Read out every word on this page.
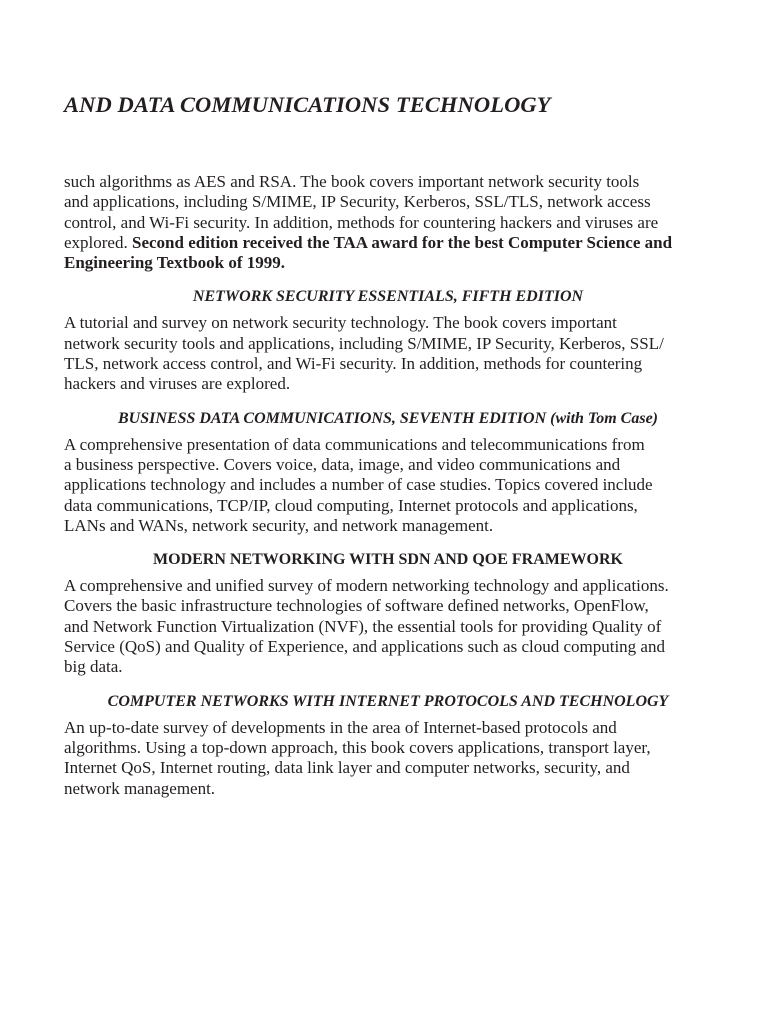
AND DATA COMMUNICATIONS TECHNOLOGY

such algorithms as AES and RSA. The book covers important network security tools
and applications, including S/MIME, IP Security, Kerberos, SSL/TLS, network access
control, and Wi-Fi security. In addition, methods for countering hackers and viruses are
explored. Second edition received the TAA award for the best Computer Science and
Engineering Textbook of 1999.

NETWORK SECURITY ESSENTIALS, FIFTH EDITION

A tutorial and survey on network security technology. The book covers important
network security tools and applications, including S/MIME, IP Security, Kerberos, SSL/
TLS, network access control, and Wi-Fi security. In addition, methods for countering
hackers and viruses are explored.

BUSINESS DATA COMMUNICATIONS, SEVENTH EDITION (with Tom Case)

A comprehensive presentation of data communications and telecommunications from
a business perspective. Covers voice, data, image, and video communications and
applications technology and includes a number of case studies. Topics covered include
data communications, TCP/IP, cloud computing, Internet protocols and applications,
LANs and WANs, network security, and network management.

MODERN NETWORKING WITH SDN AND QOE FRAMEWORK

A comprehensive and unified survey of modern networking technology and applications.
Covers the basic infrastructure technologies of software defined networks, OpenFlow,
and Network Function Virtualization (NVF), the essential tools for providing Quality of
Service (QoS) and Quality of Experience, and applications such as cloud computing and
big data.

COMPUTER NETWORKS WITH INTERNET PROTOCOLS AND TECHNOLOGY

An up-to-date survey of developments in the area of Internet-based protocols and
algorithms. Using a top-down approach, this book covers applications, transport layer,
Internet QoS, Internet routing, data link layer and computer networks, security, and
network management.
